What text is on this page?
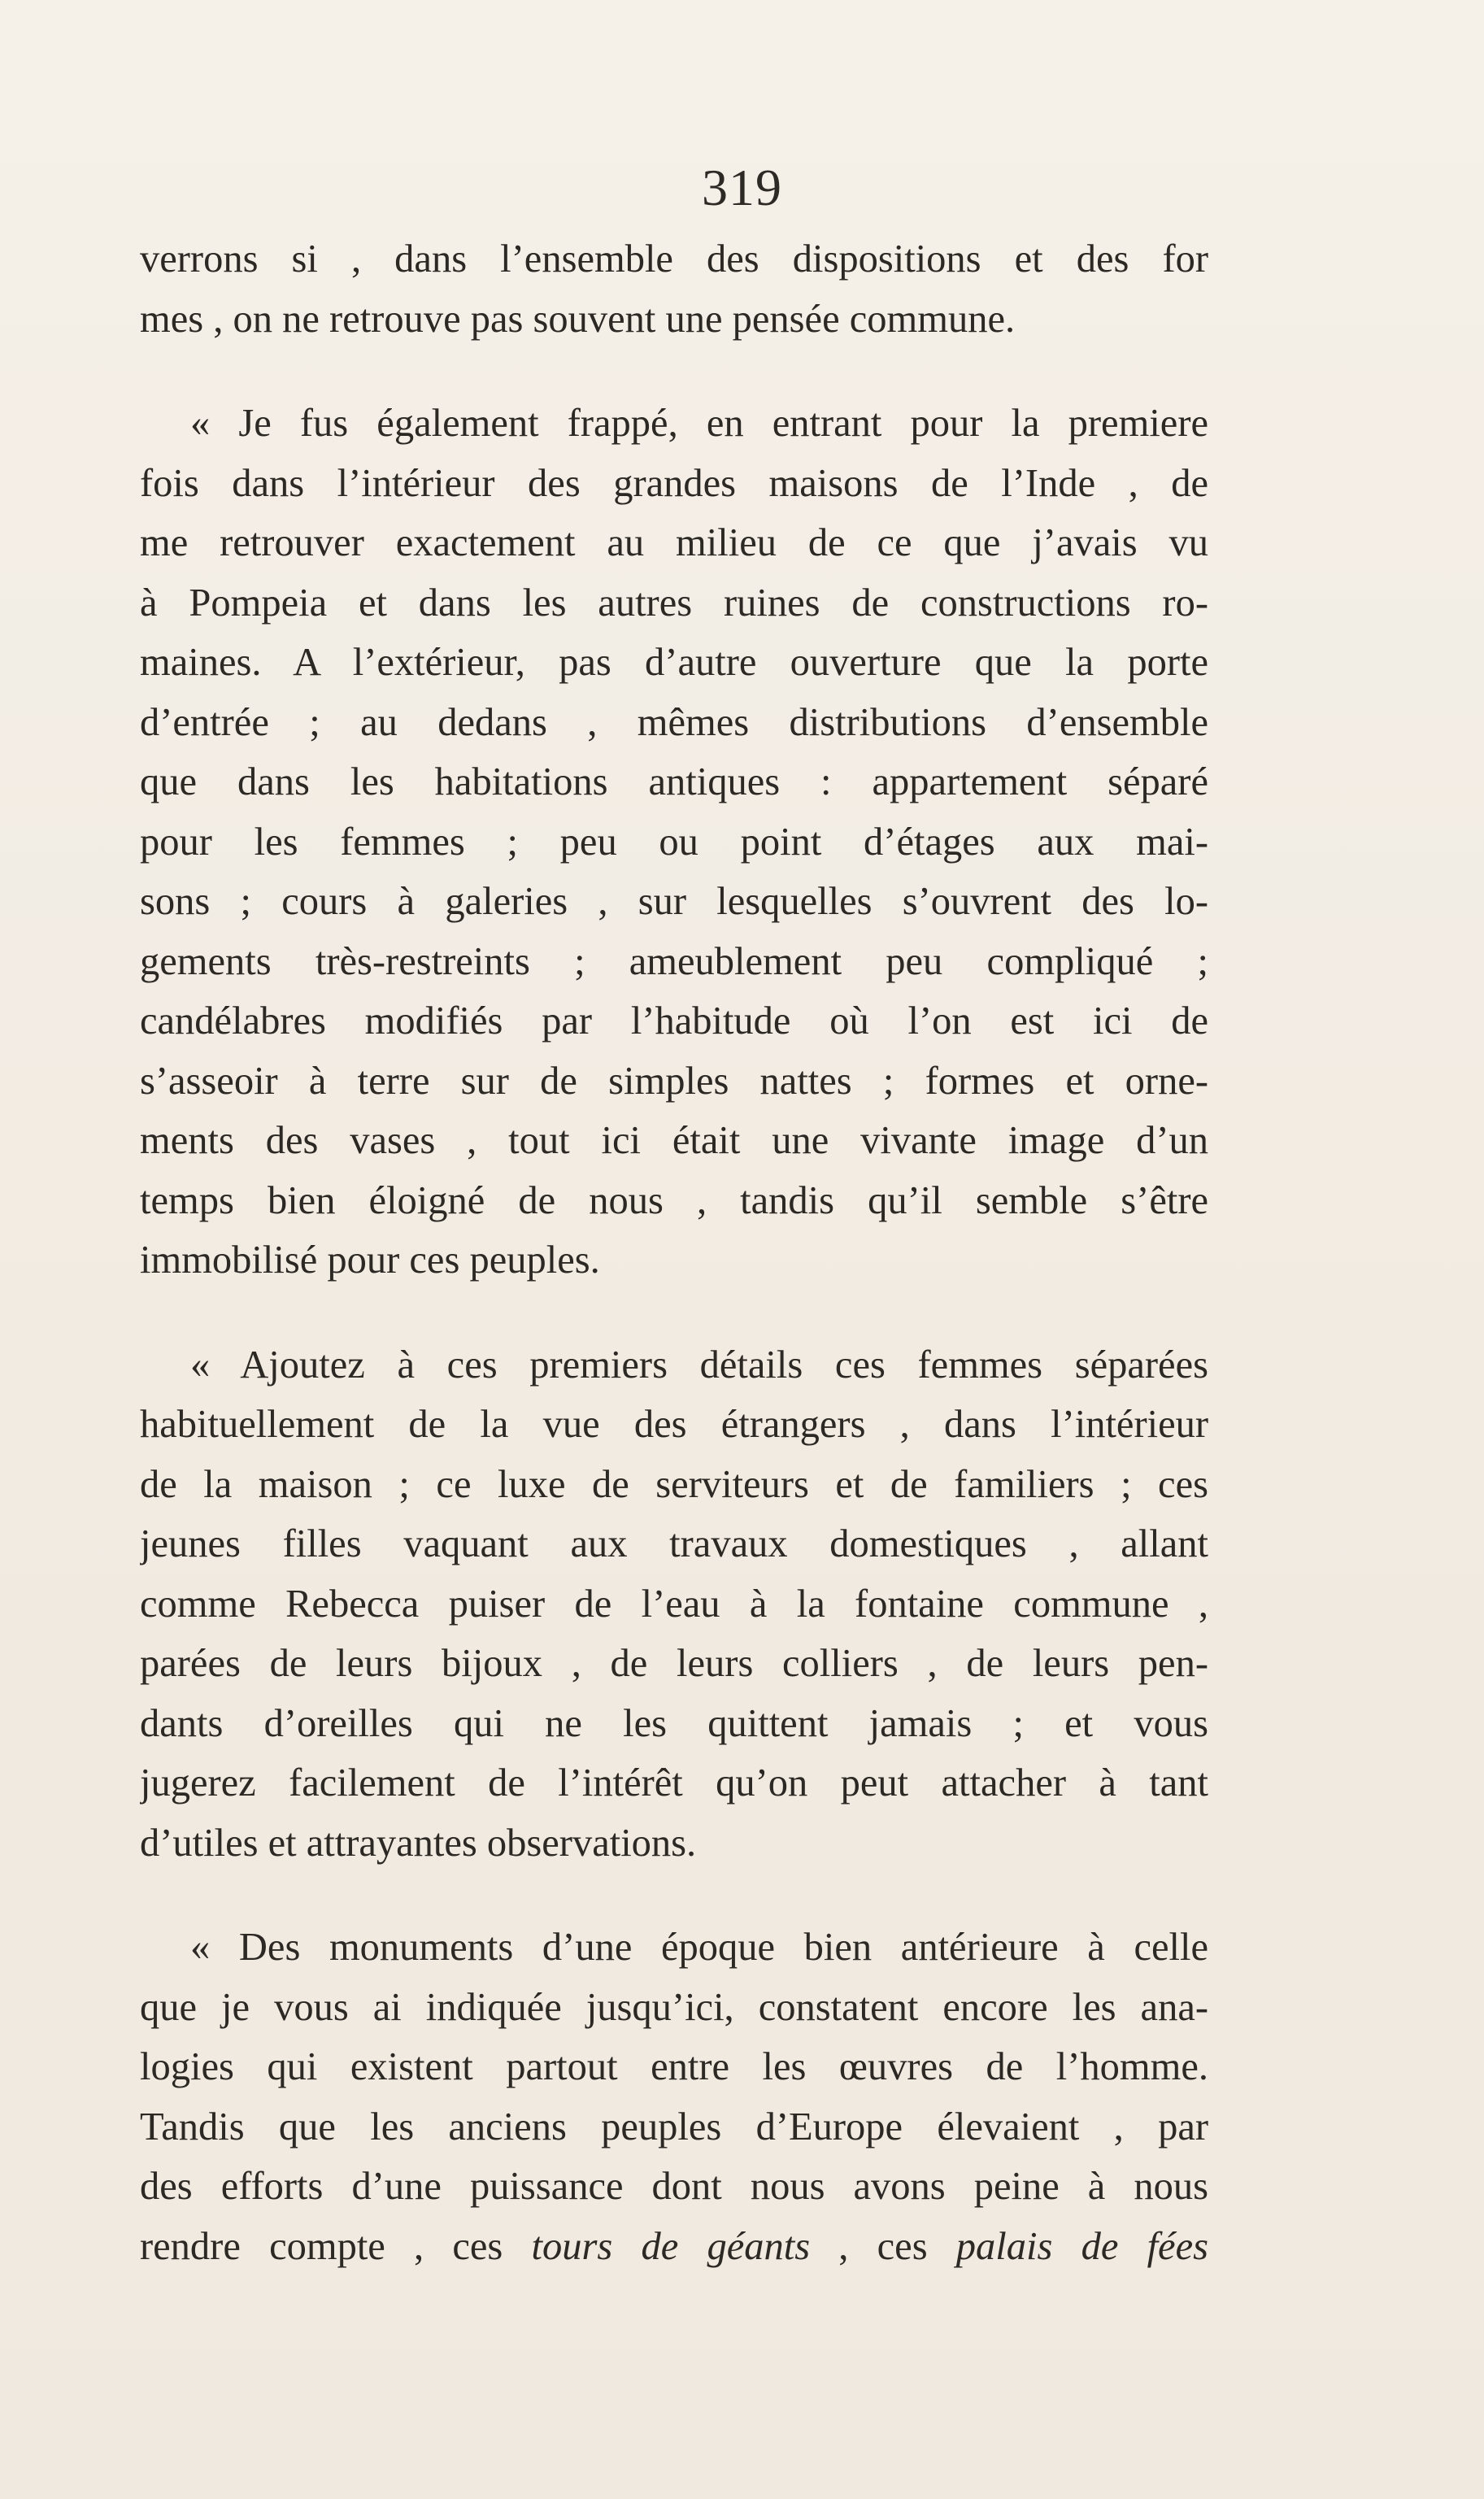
319

verrons si , dans l’ensemble des dispositions et des for
mes , on ne retrouve pas souvent une pensée commune.

« Je fus également frappé, en entrant pour la premiere
fois dans l’intérieur des grandes maisons de l’Inde , de
me retrouver exactement au milieu de ce que j’avais vu
à Pompeia et dans les autres ruines de constructions ro-
maines. A l’extérieur, pas d’autre ouverture que la porte
d’entrée ; au dedans , mêmes distributions d’ensemble
que dans les habitations antiques : appartement séparé
pour les femmes ; peu ou point d’étages aux mai-
sons ; cours à galeries , sur lesquelles s’ouvrent des lo-
gements très-restreints ; ameublement peu compliqué ;
candélabres modifiés par l’habitude où l’on est ici de
s’asseoir à terre sur de simples nattes ; formes et orne-
ments des vases , tout ici était une vivante image d’un
temps bien éloigné de nous , tandis qu’il semble s’être
immobilisé pour ces peuples.

« Ajoutez à ces premiers détails ces femmes séparées
habituellement de la vue des étrangers , dans l’intérieur
de la maison ; ce luxe de serviteurs et de familiers ; ces
jeunes filles vaquant aux travaux domestiques , allant
comme Rebecca puiser de l’eau à la fontaine commune ,
parées de leurs bijoux , de leurs colliers , de leurs pen-
dants d’oreilles qui ne les quittent jamais ; et vous
jugerez facilement de l’intérêt qu’on peut attacher à tant
d’utiles et attrayantes observations.

« Des monuments d’une époque bien antérieure à celle
que je vous ai indiquée jusqu’ici, constatent encore les ana-
logies qui existent partout entre les œuvres de l’homme.
Tandis que les anciens peuples d’Europe élevaient , par
des efforts d’une puissance dont nous avons peine à nous
rendre compte , ces tours de géants , ces palais de fées
